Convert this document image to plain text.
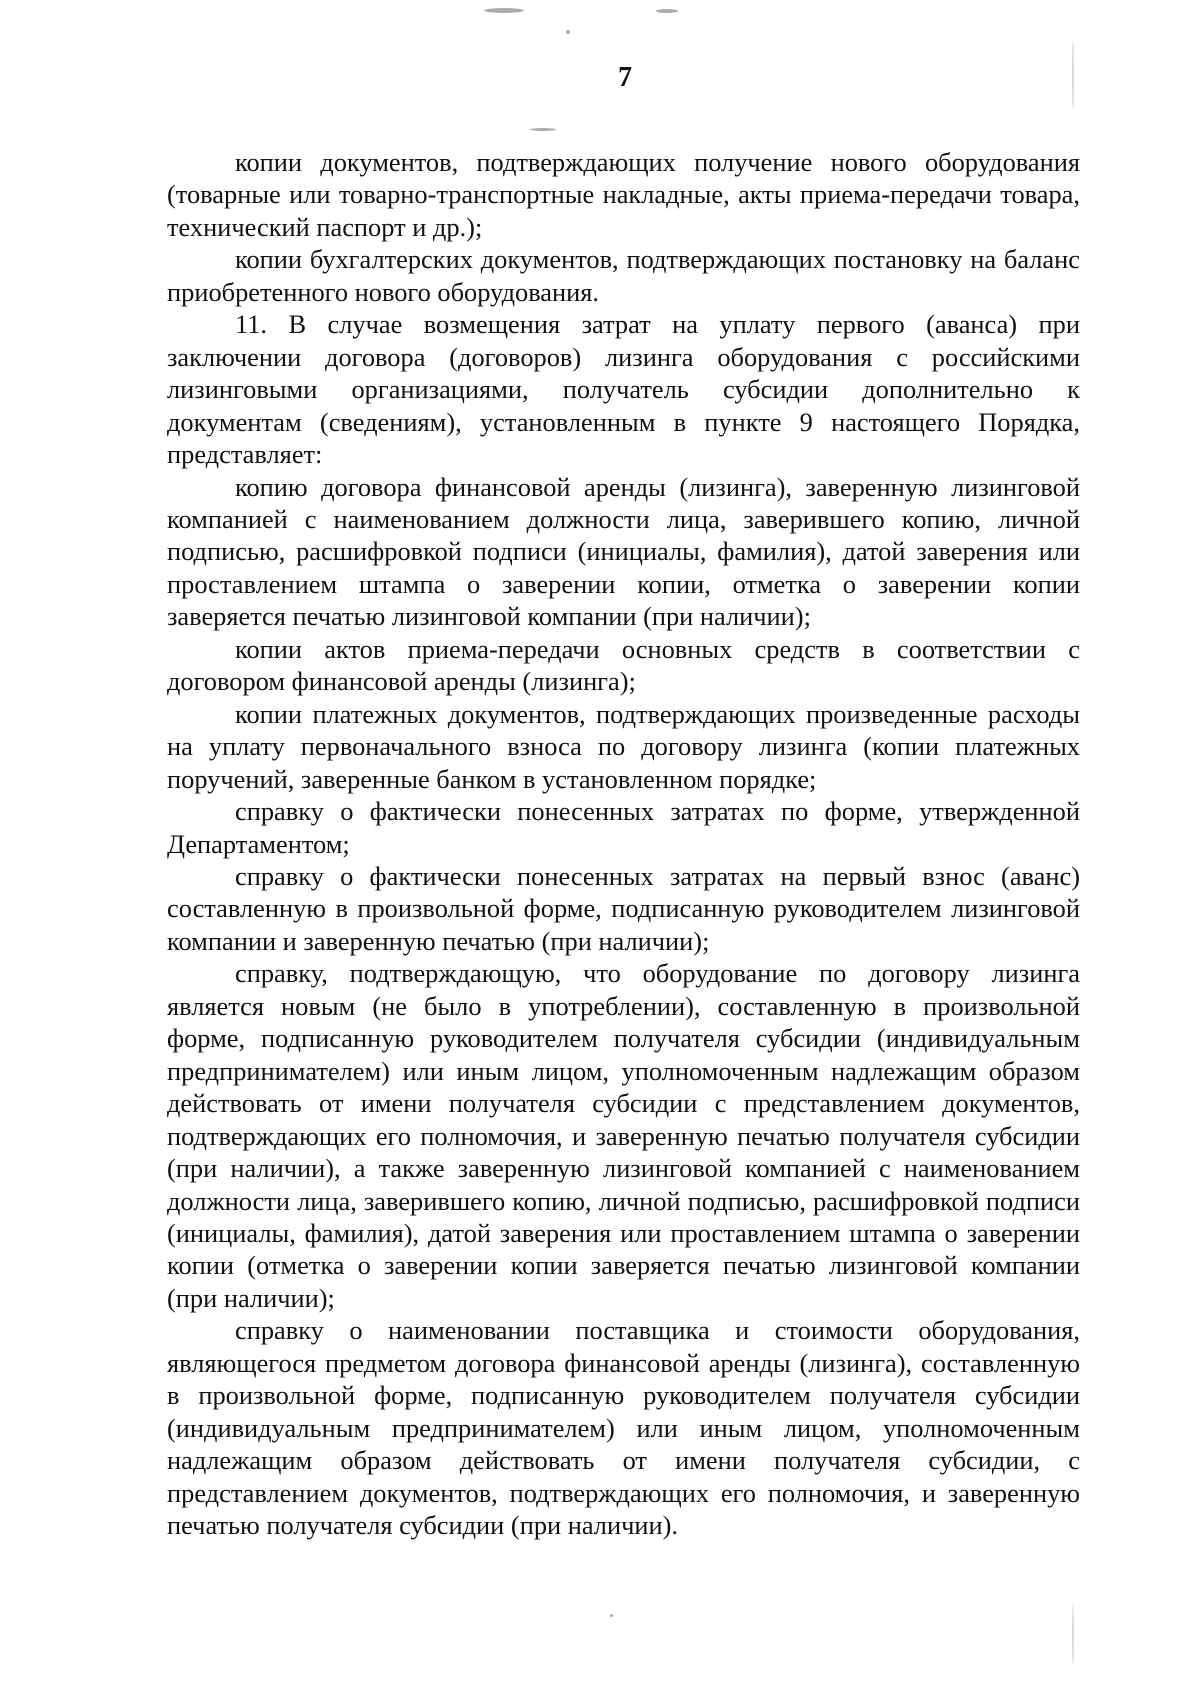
7

копии документов, подтверждающих получение нового оборудования (товарные или товарно-транспортные накладные, акты приема-передачи товара, технический паспорт и др.);

копии бухгалтерских документов, подтверждающих постановку на баланс приобретенного нового оборудования.

11. В случае возмещения затрат на уплату первого (аванса) при заключении договора (договоров) лизинга оборудования с российскими лизинговыми организациями, получатель субсидии дополнительно к документам (сведениям), установленным в пункте 9 настоящего Порядка, представляет:

копию договора финансовой аренды (лизинга), заверенную лизинговой компанией с наименованием должности лица, заверившего копию, личной подписью, расшифровкой подписи (инициалы, фамилия), датой заверения или проставлением штампа о заверении копии, отметка о заверении копии заверяется печатью лизинговой компании (при наличии);

копии актов приема-передачи основных средств в соответствии с договором финансовой аренды (лизинга);

копии платежных документов, подтверждающих произведенные расходы на уплату первоначального взноса по договору лизинга (копии платежных поручений, заверенные банком в установленном порядке;

справку о фактически понесенных затратах по форме, утвержденной Департаментом;

справку о фактически понесенных затратах на первый взнос (аванс) составленную в произвольной форме, подписанную руководителем лизинговой компании и заверенную печатью (при наличии);

справку, подтверждающую, что оборудование по договору лизинга является новым (не было в употреблении), составленную в произвольной форме, подписанную руководителем получателя субсидии (индивидуальным предпринимателем) или иным лицом, уполномоченным надлежащим образом действовать от имени получателя субсидии с представлением документов, подтверждающих его полномочия, и заверенную печатью получателя субсидии (при наличии), а также заверенную лизинговой компанией с наименованием должности лица, заверившего копию, личной подписью, расшифровкой подписи (инициалы, фамилия), датой заверения или проставлением штампа о заверении копии (отметка о заверении копии заверяется печатью лизинговой компании (при наличии);

справку о наименовании поставщика и стоимости оборудования, являющегося предметом договора финансовой аренды (лизинга), составленную в произвольной форме, подписанную руководителем получателя субсидии (индивидуальным предпринимателем) или иным лицом, уполномоченным надлежащим образом действовать от имени получателя субсидии, с представлением документов, подтверждающих его полномочия, и заверенную печатью получателя субсидии (при наличии).
